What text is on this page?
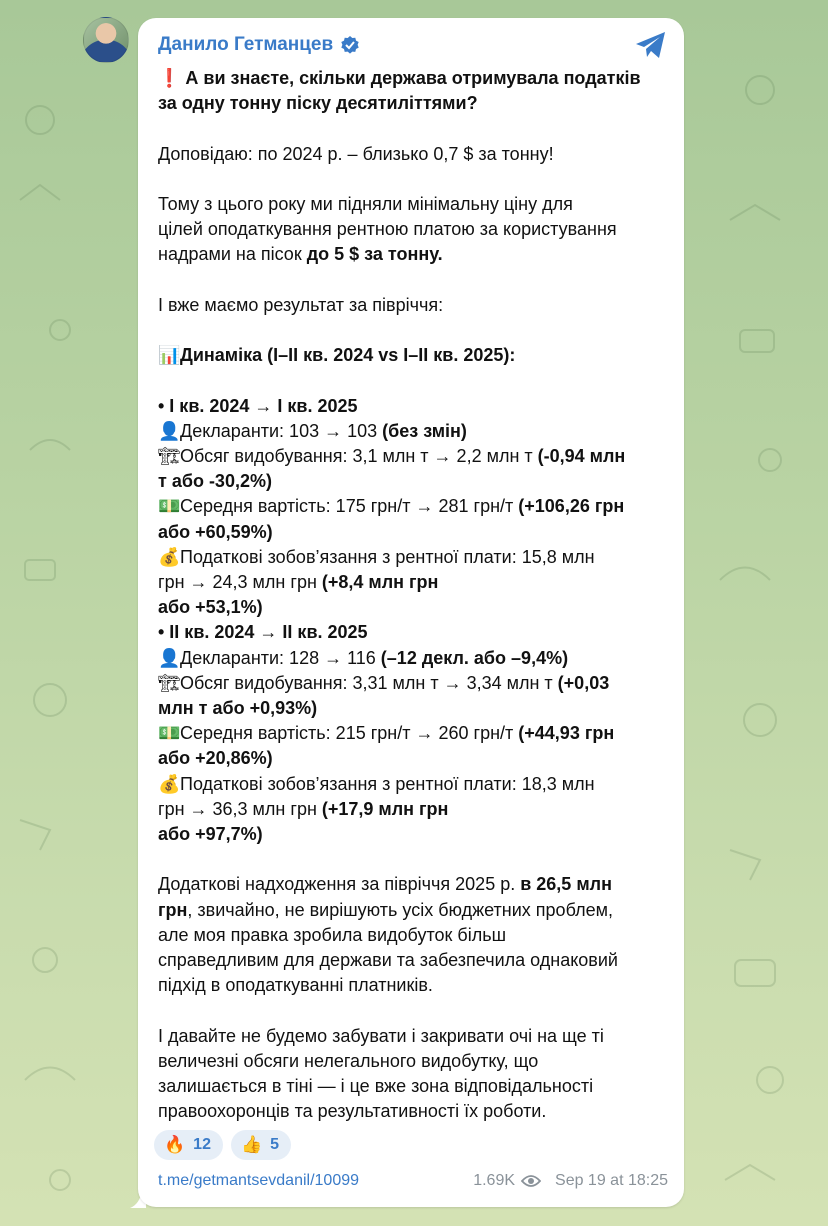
Данило Гетманцев

❗ А ви знаєте, скільки держава отримувала податків

за одну тонну піску десятиліттями?

Доповідаю: по 2024 р. – близько 0,7 $ за тонну!

Тому з цього року ми підняли мінімальну ціну для

цілей оподаткування рентною платою за користування

надрами на пісок до 5 $ за тонну.

І вже маємо результат за півріччя:

📊Динаміка (І–ІІ кв. 2024 vs І–ІІ кв. 2025):

• І кв. 2024 → І кв. 2025

👤Декларанти: 103 → 103 (без змін)

🏗Обсяг видобування: 3,1 млн т → 2,2 млн т (-0,94 млн

т або -30,2%)

💵Середня вартість: 175 грн/т → 281 грн/т (+106,26 грн

або +60,59%)

💰Податкові зобов’язання з рентної плати: 15,8 млн

грн → 24,3 млн грн (+8,4 млн грн

або +53,1%)

• ІІ кв. 2024 → ІІ кв. 2025

👤Декларанти: 128 → 116 (–12 декл. або –9,4%)

🏗Обсяг видобування: 3,31 млн т → 3,34 млн т (+0,03

млн т або +0,93%)

💵Середня вартість: 215 грн/т → 260 грн/т (+44,93 грн

або +20,86%)

💰Податкові зобов’язання з рентної плати: 18,3 млн

грн → 36,3 млн грн (+17,9 млн грн

або +97,7%)

Додаткові надходження за півріччя 2025 р. в 26,5 млн

грн, звичайно, не вирішують усіх бюджетних проблем,

але моя правка зробила видобуток більш

справедливим для держави та забезпечила однаковий

підхід в оподаткуванні платників.

І давайте не будемо забувати і закривати очі на ще ті

величезні обсяги нелегального видобутку, що

залишається в тіні — і це вже зона відповідальності

правоохоронців та результативності їх роботи.

🔥 12 👍 5
t.me/getmantsevdanil/10099	1.69K	Sep 19 at 18:25
